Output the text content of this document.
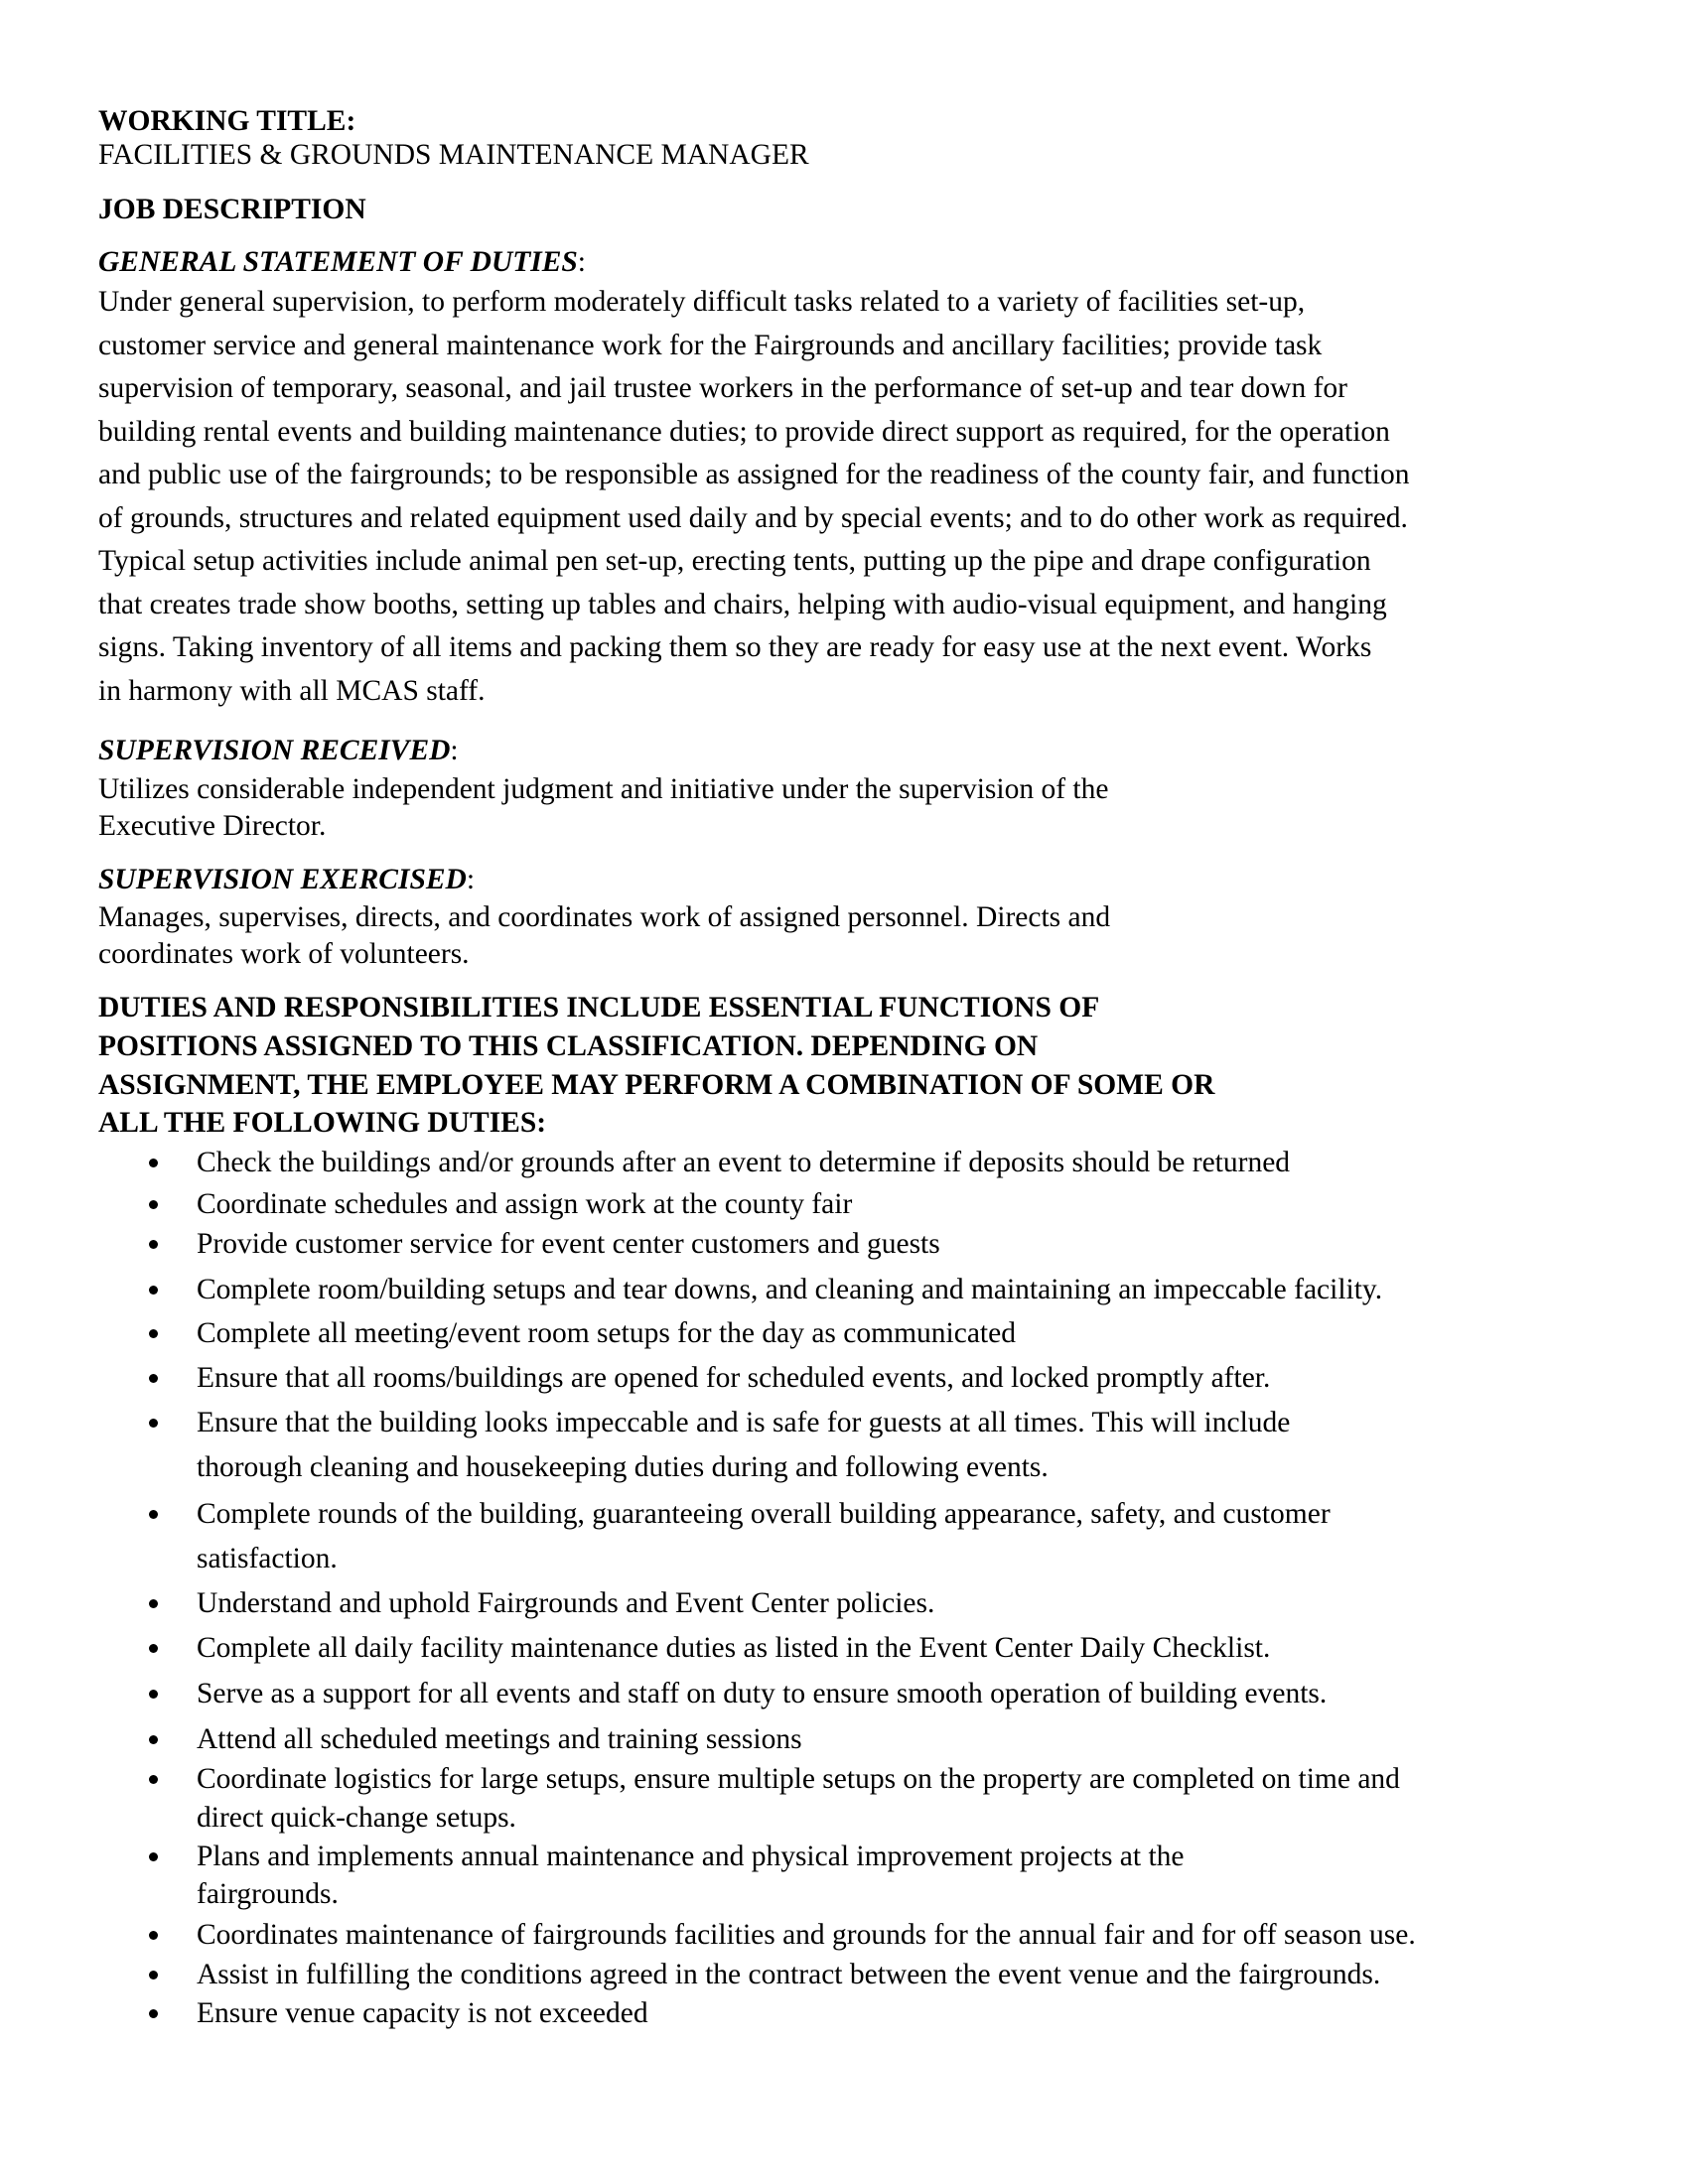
WORKING TITLE:
FACILITIES & GROUNDS MAINTENANCE MANAGER
JOB DESCRIPTION
GENERAL STATEMENT OF DUTIES:
Under general supervision, to perform moderately difficult tasks related to a variety of facilities set-up,
customer service and general maintenance work for the Fairgrounds and ancillary facilities; provide task
supervision of temporary, seasonal, and jail trustee workers in the performance of set-up and tear down for
building rental events and building maintenance duties; to provide direct support as required, for the operation
and public use of the fairgrounds; to be responsible as assigned for the readiness of the county fair, and function
of grounds, structures and related equipment used daily and by special events; and to do other work as required.
Typical setup activities include animal pen set-up, erecting tents, putting up the pipe and drape configuration
that creates trade show booths, setting up tables and chairs, helping with audio-visual equipment, and hanging
signs. Taking inventory of all items and packing them so they are ready for easy use at the next event. Works
in harmony with all MCAS staff.
SUPERVISION RECEIVED:
Utilizes considerable independent judgment and initiative under the supervision of the
Executive Director.
SUPERVISION EXERCISED:
Manages, supervises, directs, and coordinates work of assigned personnel. Directs and
coordinates work of volunteers.
DUTIES AND RESPONSIBILITIES INCLUDE ESSENTIAL FUNCTIONS OF
POSITIONS ASSIGNED TO THIS CLASSIFICATION. DEPENDING ON
ASSIGNMENT, THE EMPLOYEE MAY PERFORM A COMBINATION OF SOME OR
ALL THE FOLLOWING DUTIES:
Check the buildings and/or grounds after an event to determine if deposits should be returned
Coordinate schedules and assign work at the county fair
Provide customer service for event center customers and guests
Complete room/building setups and tear downs, and cleaning and maintaining an impeccable facility.
Complete all meeting/event room setups for the day as communicated
Ensure that all rooms/buildings are opened for scheduled events, and locked promptly after.
Ensure that the building looks impeccable and is safe for guests at all times. This will include
thorough cleaning and housekeeping duties during and following events.
Complete rounds of the building, guaranteeing overall building appearance, safety, and customer
satisfaction.
Understand and uphold Fairgrounds and Event Center policies.
Complete all daily facility maintenance duties as listed in the Event Center Daily Checklist.
Serve as a support for all events and staff on duty to ensure smooth operation of building events.
Attend all scheduled meetings and training sessions
Coordinate logistics for large setups, ensure multiple setups on the property are completed on time and
direct quick-change setups.
Plans and implements annual maintenance and physical improvement projects at the
fairgrounds.
Coordinates maintenance of fairgrounds facilities and grounds for the annual fair and for off season use.
Assist in fulfilling the conditions agreed in the contract between the event venue and the fairgrounds.
Ensure venue capacity is not exceeded
